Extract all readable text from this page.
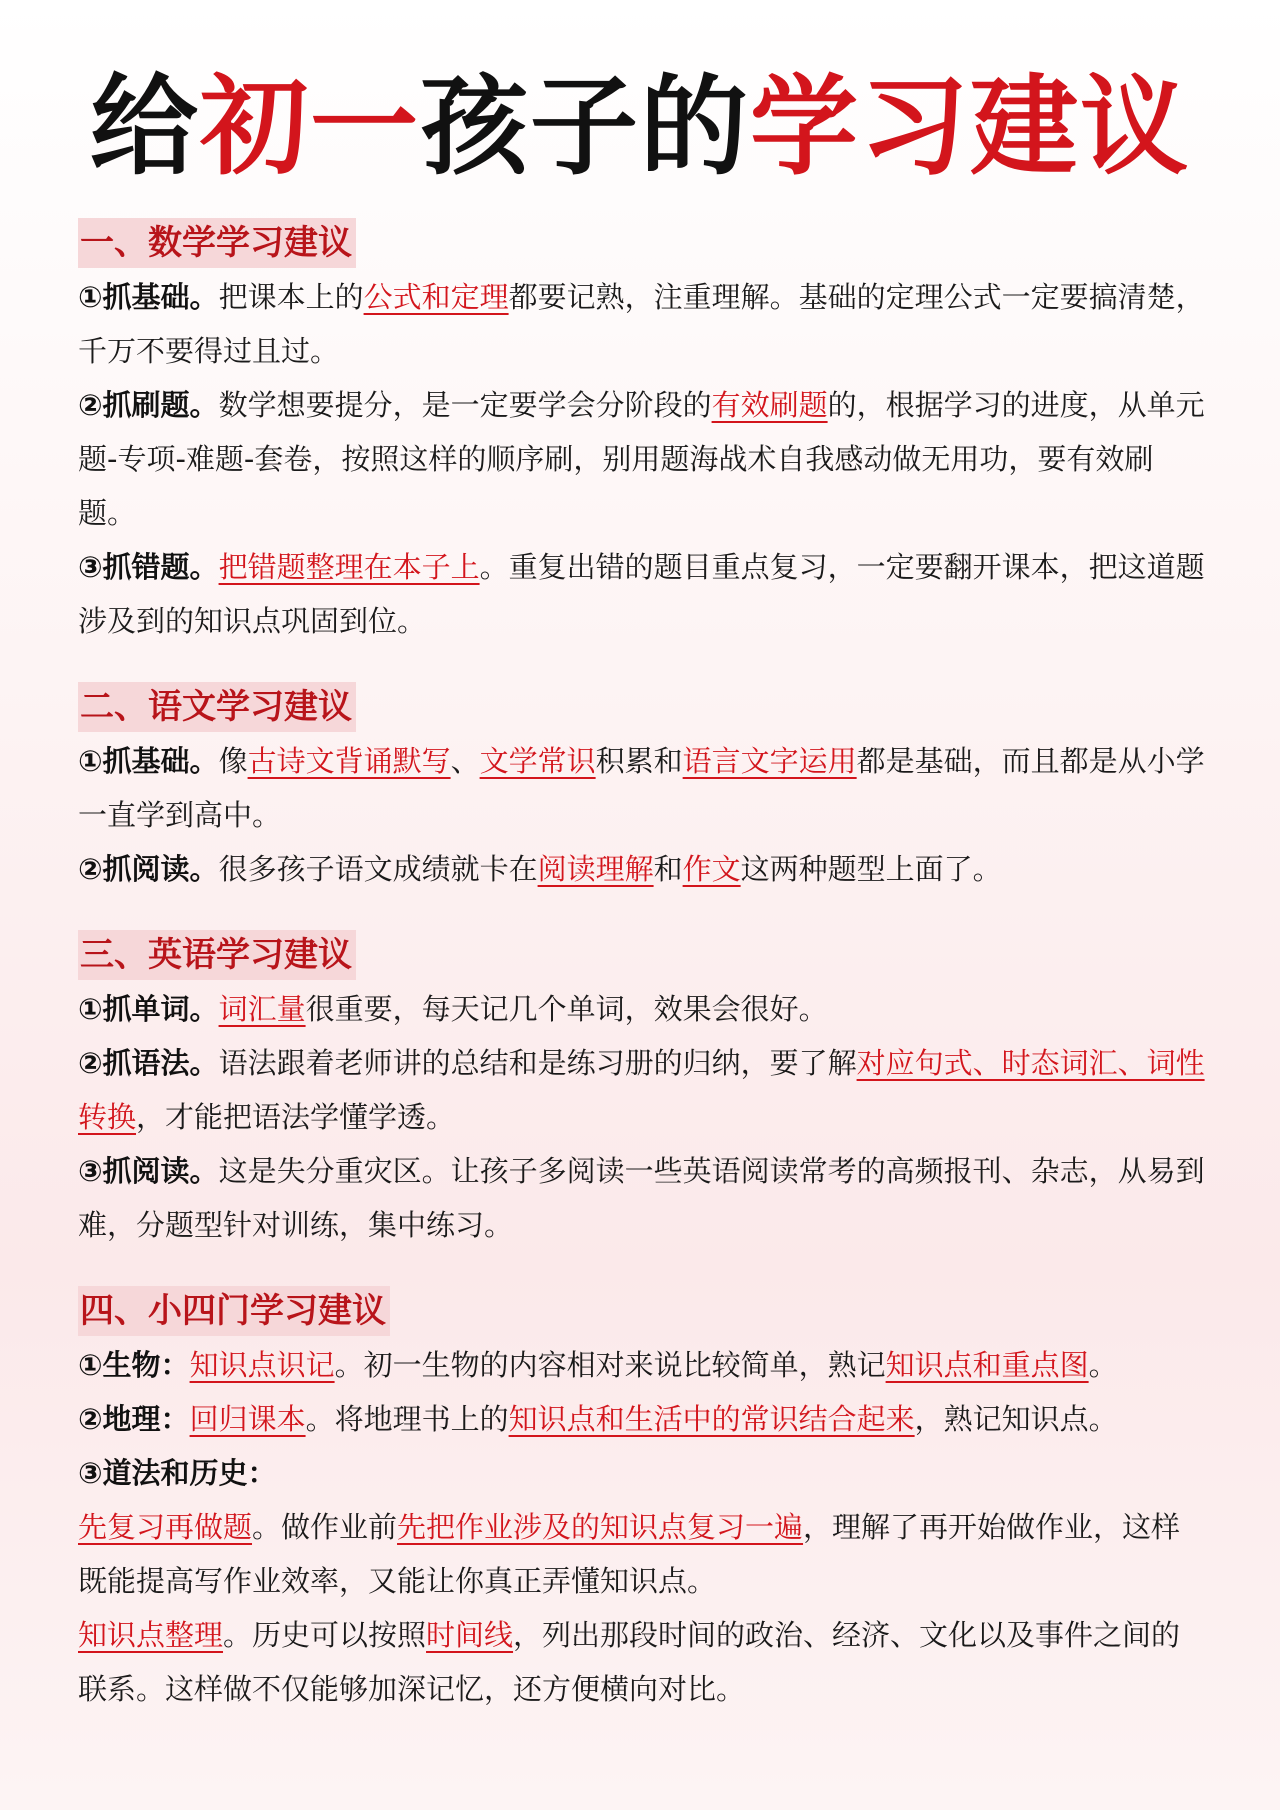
给初一孩子的学习建议
一、数学学习建议

①抓基础。把课本上的公式和定理都要记熟，注重理解。基础的定理公式一定要搞清楚，千万不要得过且过。

②抓刷题。数学想要提分，是一定要学会分阶段的有效刷题的，根据学习的进度，从单元题-专项-难题-套卷，按照这样的顺序刷，别用题海战术自我感动做无用功，要有效刷题。

③抓错题。把错题整理在本子上。重复出错的题目重点复习，一定要翻开课本，把这道题涉及到的知识点巩固到位。

二、语文学习建议

①抓基础。像古诗文背诵默写、文学常识积累和语言文字运用都是基础，而且都是从小学一直学到高中。

②抓阅读。很多孩子语文成绩就卡在阅读理解和作文这两种题型上面了。

三、英语学习建议

①抓单词。词汇量很重要，每天记几个单词，效果会很好。

②抓语法。语法跟着老师讲的总结和是练习册的归纳，要了解对应句式、时态词汇、词性转换，才能把语法学懂学透。

③抓阅读。这是失分重灾区。让孩子多阅读一些英语阅读常考的高频报刊、杂志，从易到难，分题型针对训练，集中练习。

四、小四门学习建议

①生物：知识点识记。初一生物的内容相对来说比较简单，熟记知识点和重点图。

②地理：回归课本。将地理书上的知识点和生活中的常识结合起来，熟记知识点。

③道法和历史：

先复习再做题。做作业前先把作业涉及的知识点复习一遍，理解了再开始做作业，这样既能提高写作业效率，又能让你真正弄懂知识点。

知识点整理。历史可以按照时间线，列出那段时间的政治、经济、文化以及事件之间的联系。这样做不仅能够加深记忆，还方便横向对比。
